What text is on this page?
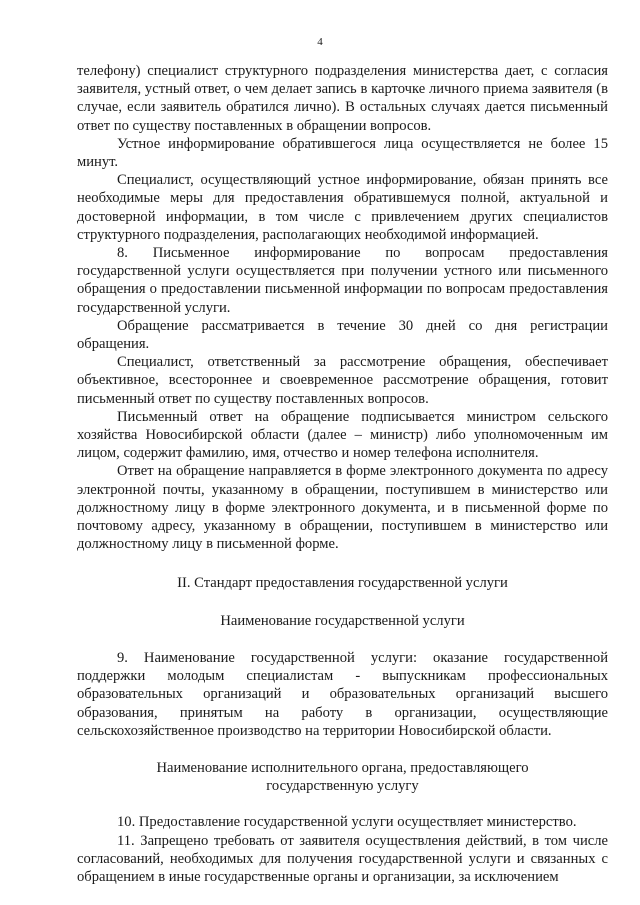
4

телефону) специалист структурного подразделения министерства дает, с согласия заявителя, устный ответ, о чем делает запись в карточке личного приема заявителя (в случае, если заявитель обратился лично). В остальных случаях дается письменный ответ по существу поставленных в обращении вопросов.

Устное информирование обратившегося лица осуществляется не более 15 минут.

Специалист, осуществляющий устное информирование, обязан принять все необходимые меры для предоставления обратившемуся полной, актуальной и достоверной информации, в том числе с привлечением других специалистов структурного подразделения, располагающих необходимой информацией.

8. Письменное информирование по вопросам предоставления государственной услуги осуществляется при получении устного или письменного обращения о предоставлении письменной информации по вопросам предоставления государственной услуги.

Обращение рассматривается в течение 30 дней со дня регистрации обращения.

Специалист, ответственный за рассмотрение обращения, обеспечивает объективное, всестороннее и своевременное рассмотрение обращения, готовит письменный ответ по существу поставленных вопросов.

Письменный ответ на обращение подписывается министром сельского хозяйства Новосибирской области (далее – министр) либо уполномоченным им лицом, содержит фамилию, имя, отчество и номер телефона исполнителя.

Ответ на обращение направляется в форме электронного документа по адресу электронной почты, указанному в обращении, поступившем в министерство или должностному лицу в форме электронного документа, и в письменной форме по почтовому адресу, указанному в обращении, поступившем в министерство или должностному лицу в письменной форме.

II. Стандарт предоставления государственной услуги

Наименование государственной услуги

9. Наименование государственной услуги: оказание государственной поддержки молодым специалистам - выпускникам профессиональных образовательных организаций и образовательных организаций высшего образования, принятым на работу в организации, осуществляющие сельскохозяйственное производство на территории Новосибирской области.

Наименование исполнительного органа, предоставляющего

государственную услугу

10. Предоставление государственной услуги осуществляет министерство.

11. Запрещено требовать от заявителя осуществления действий, в том числе согласований, необходимых для получения государственной услуги и связанных с обращением в иные государственные органы и организации, за исключением
